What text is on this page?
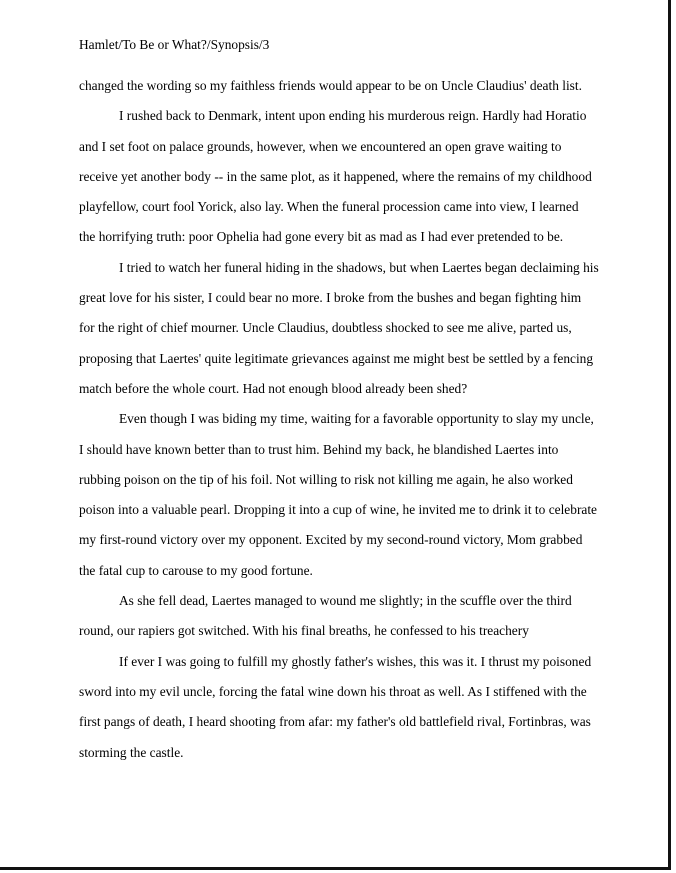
Hamlet/To Be or What?/Synopsis/3
changed the wording so my faithless friends would appear to be on Uncle Claudius' death list.
I rushed back to Denmark, intent upon ending his murderous reign. Hardly had Horatio
and I set foot on palace grounds, however, when we encountered an open grave waiting to
receive yet another body -- in the same plot, as it happened, where the remains of my childhood
playfellow, court fool Yorick, also lay. When the funeral procession came into view, I learned
the horrifying truth: poor Ophelia had gone every bit as mad as I had ever pretended to be.
I tried to watch her funeral hiding in the shadows, but when Laertes began declaiming his
great love for his sister, I could bear no more. I broke from the bushes and began fighting him
for the right of chief mourner. Uncle Claudius, doubtless shocked to see me alive, parted us,
proposing that Laertes' quite legitimate grievances against me might best be settled by a fencing
match before the whole court. Had not enough blood already been shed?
Even though I was biding my time, waiting for a favorable opportunity to slay my uncle,
I should have known better than to trust him. Behind my back, he blandished Laertes into
rubbing poison on the tip of his foil. Not willing to risk not killing me again, he also worked
poison into a valuable pearl. Dropping it into a cup of wine, he invited me to drink it to celebrate
my first-round victory over my opponent. Excited by my second-round victory, Mom grabbed
the fatal cup to carouse to my good fortune.
As she fell dead, Laertes managed to wound me slightly; in the scuffle over the third
round, our rapiers got switched. With his final breaths, he confessed to his treachery
If ever I was going to fulfill my ghostly father's wishes, this was it. I thrust my poisoned
sword into my evil uncle, forcing the fatal wine down his throat as well. As I stiffened with the
first pangs of death, I heard shooting from afar: my father's old battlefield rival, Fortinbras, was
storming the castle.
